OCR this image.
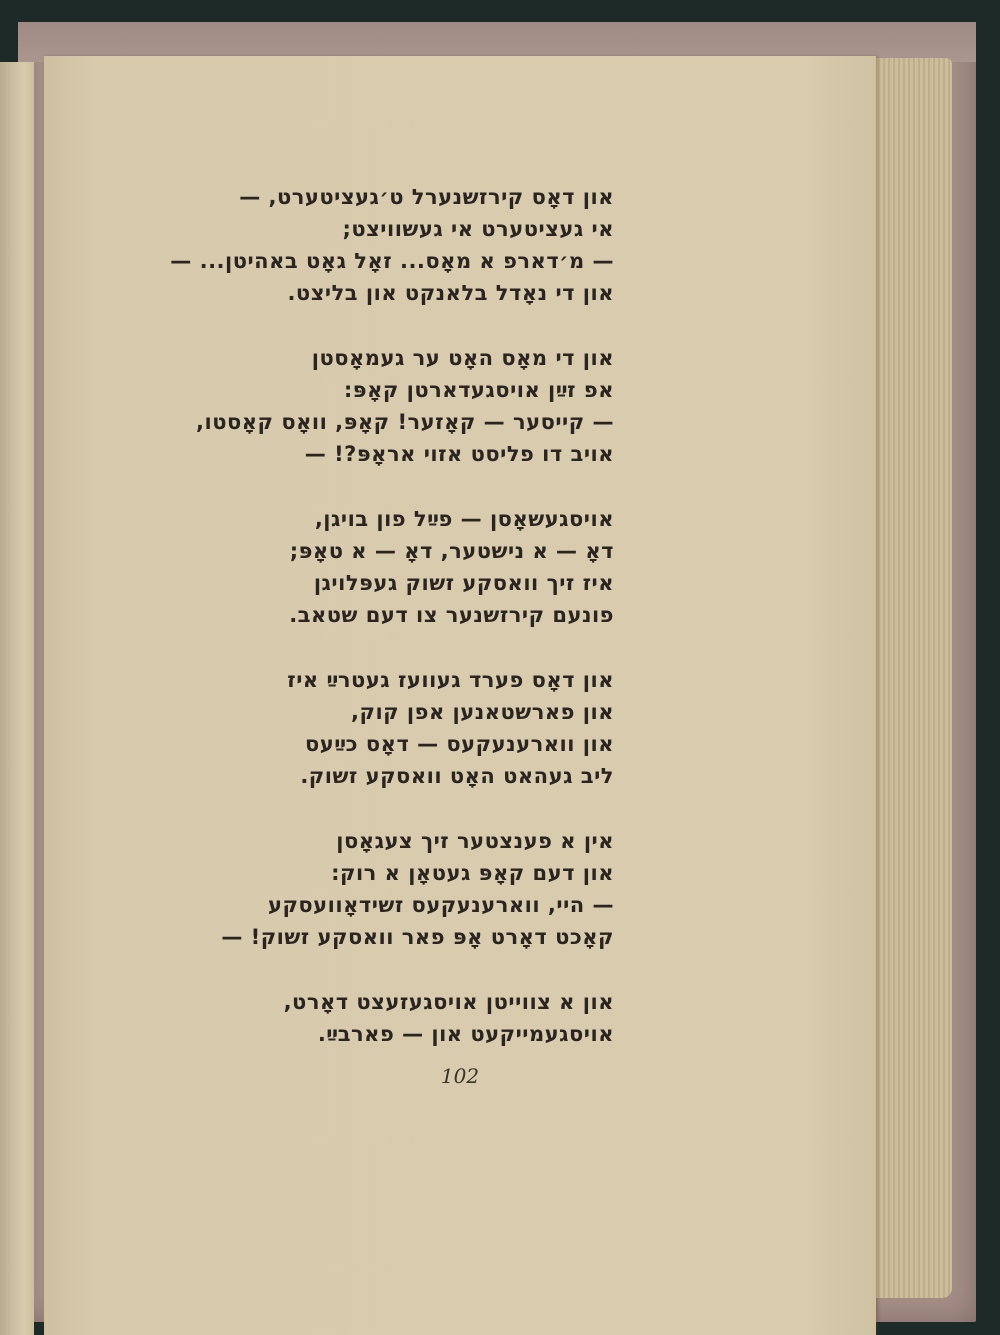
און דאָס קירזשנערל ט׳געציטערט, —
אי געציטערט אי געשוויצט;
— מ׳דארפ א מאָס... זאָל גאָט באהיטן... —
און די נאָדל בלאנקט און בליצט.
און די מאָס האָט ער געמאָסטן
אפ זײַן אויסגעדארטן קאָפּ:
— קייסער — קאָזער! קאָפּ, וואָס קאָסטו,
אויב דו פליסט אזוי אראָפּ?! —
אויסגעשאָסן — פײַל פון בויגן,
דאָ — א נישטער, דאָ — א טאָפּ;
איז זיך וואסקע זשוק געפּלויגן
פונעם קירזשנער צו דעם שטאב.
און דאָס פערד געוועז געטרײַ איז
און פארשטאנען אפן קוק,
און ווארענעקעס — דאָס כײַעס
ליב געהאט האָט וואסקע זשוק.
אין א פענצטער זיך צעגאָסן
און דעם קאָפּ געטאָן א רוק:
— היי, ווארענעקעס זשידאָוועסקע
קאָכט דאָרט אָפּ פאר וואסקע זשוק! —
און א צווייטן אויסגעזעצט דאָרט,
אויסגעמייקעט און — פארבײַ.
102
